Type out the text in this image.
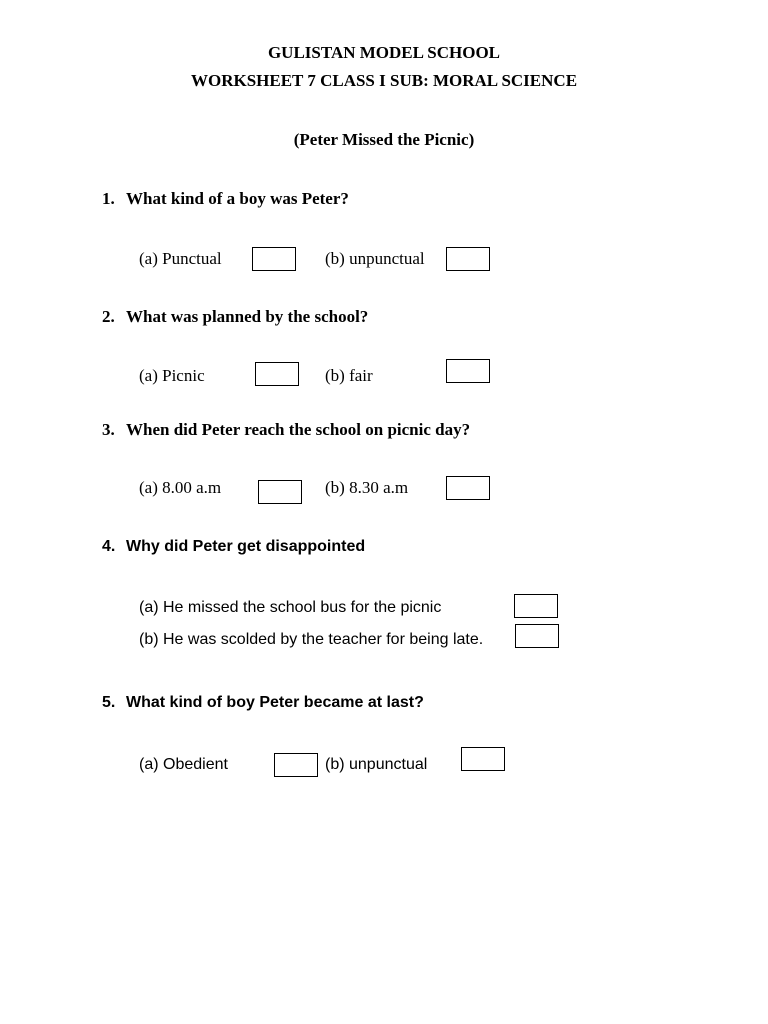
GULISTAN MODEL SCHOOL
WORKSHEET 7 CLASS I SUB: MORAL SCIENCE
(Peter Missed the Picnic)
1. What kind of a boy was Peter?
(a) Punctual	(b) unpunctual
2. What was planned by the school?
(a) Picnic	(b) fair
3. When did Peter reach the school on picnic day?
(a) 8.00 a.m	(b) 8.30 a.m
4. Why did Peter get disappointed
(a) He missed the school bus for the picnic
(b) He was scolded by the teacher for being late.
5. What kind of boy Peter became at last?
(a) Obedient	(b) unpunctual
